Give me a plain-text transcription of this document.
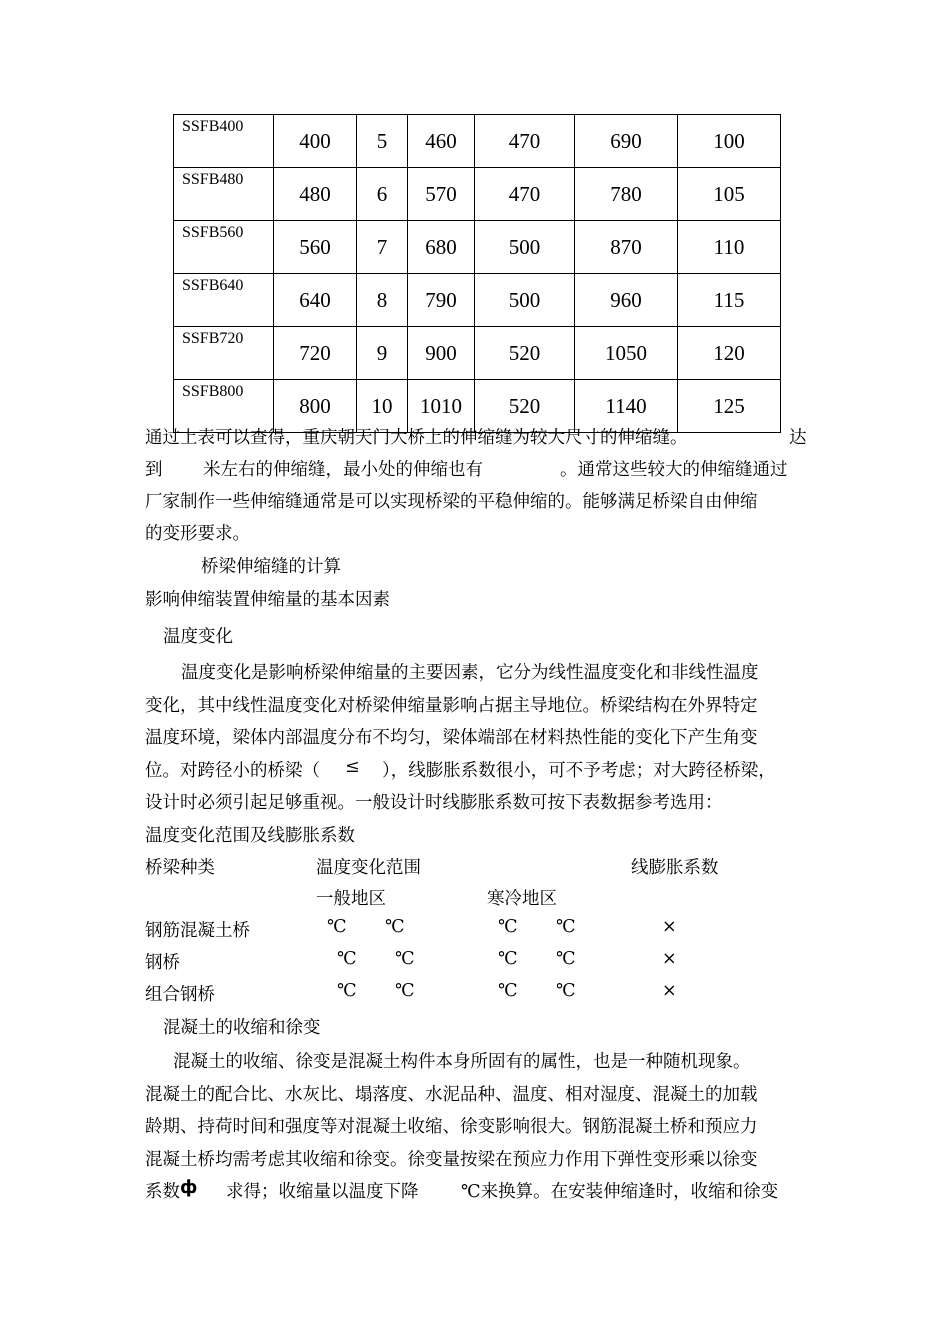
SSFB400	400	5	460	470	690	100
SSFB480	480	6	570	470	780	105
SSFB560	560	7	680	500	870	110
SSFB640	640	8	790	500	960	115
SSFB720	720	9	900	520	1050	120
SSFB800	800	10	1010	520	1140	125
通过上表可以查得，重庆朝天门大桥上的伸缩缝为较大尺寸的伸缩缝。	达
到 米左右的伸缩缝，最小处的伸缩也有	。通常这些较大的伸缩缝通过
厂家制作一些伸缩缝通常是可以实现桥梁的平稳伸缩的。能够满足桥梁自由伸缩
的变形要求。
桥梁伸缩缝的计算
影响伸缩装置伸缩量的基本因素
温度变化
温度变化是影响桥梁伸缩量的主要因素，它分为线性温度变化和非线性温度
变化，其中线性温度变化对桥梁伸缩量影响占据主导地位。桥梁结构在外界特定
温度环境，梁体内部温度分布不均匀，梁体端部在材料热性能的变化下产生角变
位。对跨径小的桥梁（ ≤ ），线膨胀系数很小，可不予考虑；对大跨径桥梁，
设计时必须引起足够重视。一般设计时线膨胀系数可按下表数据参考选用：
温度变化范围及线膨胀系数
桥梁种类	温度变化范围	线膨胀系数
一般地区	寒冷地区
钢筋混凝土桥	℃ ℃	℃ ℃	×
钢桥	℃ ℃	℃ ℃	×
组合钢桥	℃ ℃	℃ ℃	×
混凝土的收缩和徐变
混凝土的收缩、徐变是混凝土构件本身所固有的属性，也是一种随机现象。
混凝土的配合比、水灰比、塌落度、水泥品种、温度、相对湿度、混凝土的加载
龄期、持荷时间和强度等对混凝土收缩、徐变影响很大。钢筋混凝土桥和预应力
混凝土桥均需考虑其收缩和徐变。徐变量按梁在预应力作用下弹性变形乘以徐变
系数 ф 求得；收缩量以温度下降 ℃来换算。在安装伸缩逢时，收缩和徐变
